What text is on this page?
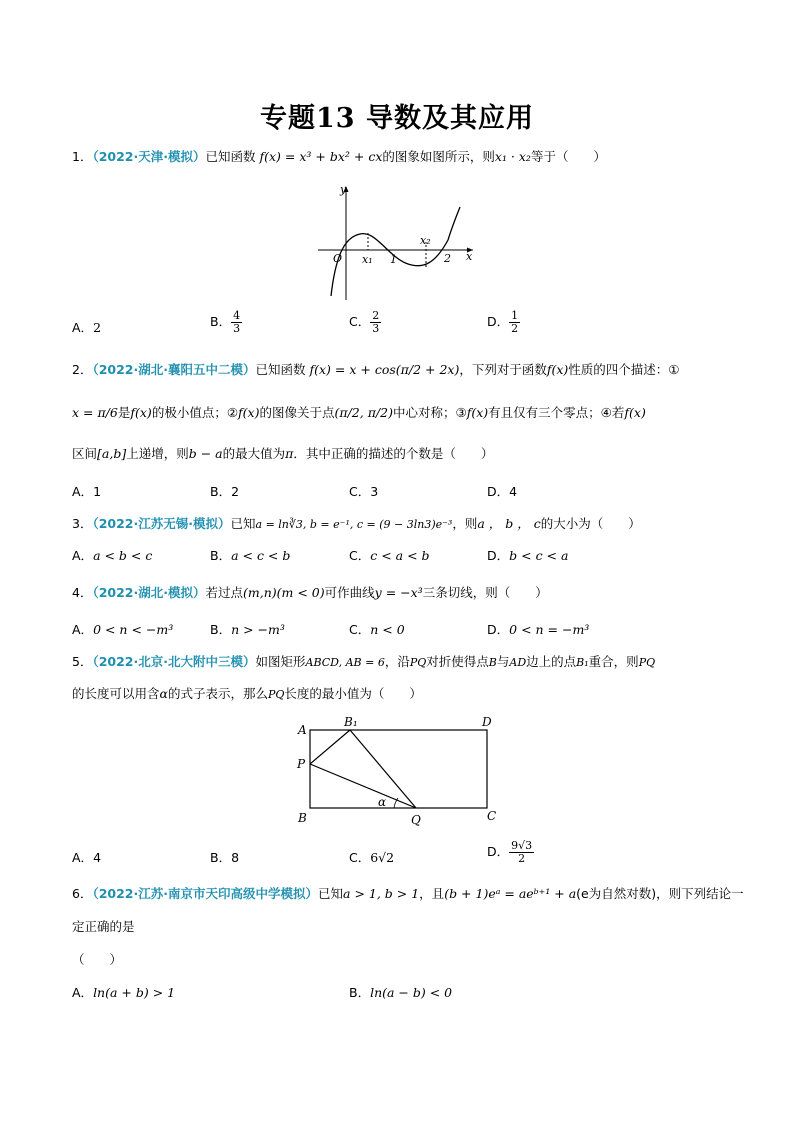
专题13 导数及其应用
1．（2022·天津·模拟）已知函数 f(x) = x³ + bx² + cx的图象如图所示，则x₁ · x₂等于（　　）
y
O x₁ 1
x₂
2 x
A．2	B． $\frac{4}{3}$	C． $\frac{2}{3}$	D． $\frac{1}{2}$
2．（2022·湖北·襄阳五中二模）已知函数 f(x) = x + cos(π/2 + 2x)，下列对于函数f(x)性质的四个描述：①
x = π/6是f(x)的极小值点；②f(x)的图像关于点(π/2, π/2)中心对称；③f(x)有且仅有三个零点；④若f(x)
区间[a,b]上递增，则b − a的最大值为π．其中正确的描述的个数是（　　）
A．1	B．2	C．3	D．4
3．（2022·江苏无锡·模拟）已知a = ln∛3, b = e⁻¹, c = (9 − 3ln3)e⁻³，则a ， b ， c的大小为（　　）
A．a < b < c	B．a < c < b	C．c < a < b	D．b < c < a
4．（2022·湖北·模拟）若过点(m,n)(m < 0)可作曲线y = −x³三条切线，则（　　）
A．0 < n < −m³	B．n > −m³	C．n < 0	D．0 < n = −m³
5．（2022·北京·北大附中三模）如图矩形ABCD, AB = 6，沿PQ对折使得点B与AD边上的点B₁重合，则PQ
的长度可以用含α的式子表示，那么PQ长度的最小值为（　　）
A
B₁	D
P
α
B	Q	C
A．4	B．8	C．6√2	D． $\frac{9√3}{2}$
6．（2022·江苏·南京市天印高级中学模拟）已知a > 1, b > 1，且(b + 1)eᵃ = aeᵇ⁺¹ + a(e为自然对数)，则下列结论一
定正确的是
（　　）
A．ln(a + b) > 1	B．ln(a − b) < 0
